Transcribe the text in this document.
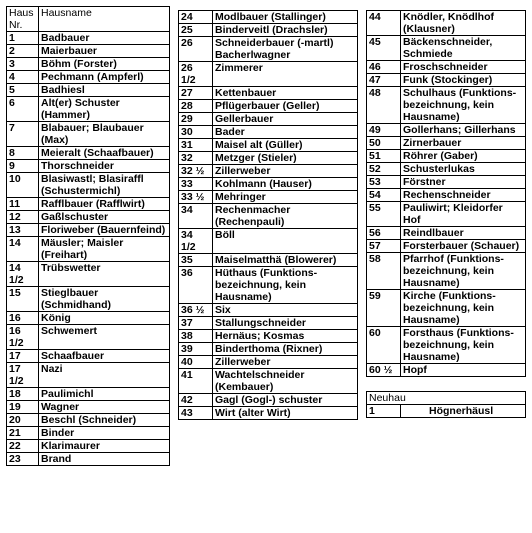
Haus Nr.	Hausname
1	Badbauer
2	Maierbauer
3	Böhm (Forster)
4	Pechmann (Ampferl)
5	Badhiesl
6	Alt(er) Schuster (Hammer)
7	Blabauer; Blaubauer (Max)
8	Meieralt (Schaafbauer)
9	Thorschneider
10	Blasiwastl; Blasiraffl (Schustermichl)
11	Rafflbauer (Rafflwirt)
12	Gaßlschuster
13	Floriweber (Bauernfeind)
14	Mäusler; Maisler (Freihart)
14 1/2	Trübswetter
15	Stieglbauer (Schmidhand)
16	König
16 1/2	Schwemert
17	Schaafbauer
17 1/2	Nazi
18	Paulimichl
19	Wagner
20	Beschl (Schneider)
21	Binder
22	Klarimaurer
23	Brand
24	Modlbauer (Stallinger)
25	Binderveitl (Drachsler)
26	Schneiderbauer (-martl) Bacherlwagner
26 1/2	Zimmerer
27	Kettenbauer
28	Pflügerbauer (Geller)
29	Gellerbauer
30	Bader
31	Maisel alt (Güller)
32	Metzger (Stieler)
32 ½	Zillerweber
33	Kohlmann (Hauser)
33 ½	Mehringer
34	Rechenmacher (Rechenpauli)
34 1/2	Böll
35	Maiselmatthä (Blowerer)
36	Hüthaus (Funktions-bezeichnung, kein Hausname)
36 ½	Six
37	Stallungschneider
38	Hernäus; Kosmas
39	Binderthoma (Rixner)
40	Zillerweber
41	Wachtelschneider (Kembauer)
42	Gagl (Gogl-) schuster
43	Wirt (alter Wirt)
44	Knödler, Knödlhof (Klausner)
45	Bäckenschneider, Schmiede
46	Froschschneider
47	Funk (Stockinger)
48	Schulhaus (Funktions-bezeichnung, kein Hausname)
49	Gollerhans; Gillerhans
50	Zirnerbauer
51	Röhrer (Gaber)
52	Schusterlukas
53	Förstner
54	Rechenschneider
55	Pauliwirt; Kleidorfer Hof
56	Reindlbauer
57	Forsterbauer (Schauer)
58	Pfarrhof (Funktions-bezeichnung, kein Hausname)
59	Kirche (Funktions-bezeichnung, kein Hausname)
60	Forsthaus (Funktions-bezeichnung, kein Hausname)
60 ½	Hopf

Neuhau	
1	Högnerhäusl
